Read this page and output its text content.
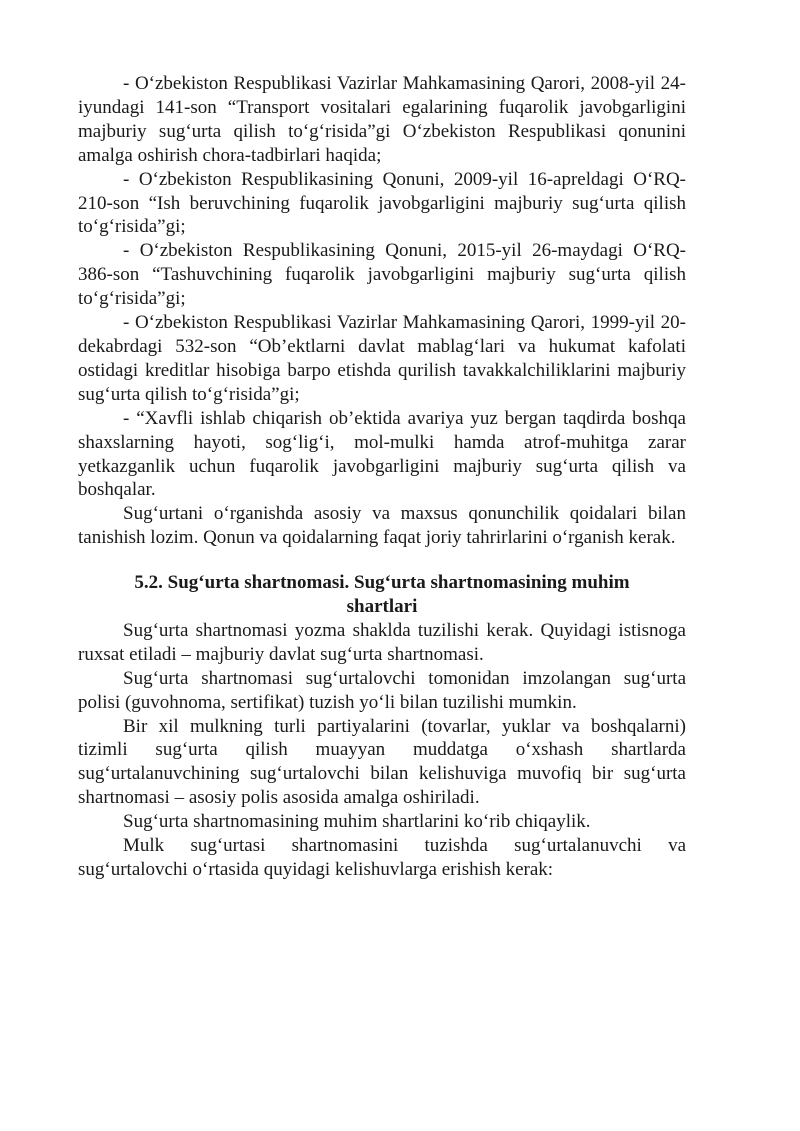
- O‘zbekiston Respublikasi Vazirlar Mahkamasining Qarori, 2008-yil 24-iyundagi 141-son “Transport vositalari egalarining fuqarolik javobgarligini majburiy sug‘urta qilish to‘g‘risida”gi O‘zbekiston Respublikasi qonunini amalga oshirish chora-tadbirlari haqida;

- O‘zbekiston Respublikasining Qonuni, 2009-yil 16-apreldagi O‘RQ-210-son “Ish beruvchining fuqarolik javobgarligini majburiy sug‘urta qilish to‘g‘risida”gi;

- O‘zbekiston Respublikasining Qonuni, 2015-yil 26-maydagi O‘RQ-386-son “Tashuvchining fuqarolik javobgarligini majburiy sug‘urta qilish to‘g‘risida”gi;

- O‘zbekiston Respublikasi Vazirlar Mahkamasining Qarori, 1999-yil 20-dekabrdagi 532-son “Ob’ektlarni davlat mablag‘lari va hukumat kafolati ostidagi kreditlar hisobiga barpo etishda qurilish tavakkalchiliklarini majburiy sug‘urta qilish to‘g‘risida”gi;

- “Xavfli ishlab chiqarish ob’ektida avariya yuz bergan taqdirda boshqa shaxslarning hayoti, sog‘lig‘i, mol-mulki hamda atrof-muhitga zarar yetkazganlik uchun fuqarolik javobgarligini majburiy sug‘urta qilish va boshqalar.

Sug‘urtani o‘rganishda asosiy va maxsus qonunchilik qoidalari bilan tanishish lozim. Qonun va qoidalarning faqat joriy tahrirlarini o‘rganish kerak.

5.2. Sug‘urta shartnomasi. Sug‘urta shartnomasining muhim shartlari

Sug‘urta shartnomasi yozma shaklda tuzilishi kerak. Quyidagi istisnoga ruxsat etiladi – majburiy davlat sug‘urta shartnomasi.

Sug‘urta shartnomasi sug‘urtalovchi tomonidan imzolangan sug‘urta polisi (guvohnoma, sertifikat) tuzish yo‘li bilan tuzilishi mumkin.

Bir xil mulkning turli partiyalarini (tovarlar, yuklar va boshqalarni) tizimli sug‘urta qilish muayyan muddatga o‘xshash shartlarda sug‘urtalanuvchining sug‘urtalovchi bilan kelishuviga muvofiq bir sug‘urta shartnomasi – asosiy polis asosida amalga oshiriladi.

Sug‘urta shartnomasining muhim shartlarini ko‘rib chiqaylik.

Mulk sug‘urtasi shartnomasini tuzishda sug‘urtalanuvchi va sug‘urtalovchi o‘rtasida quyidagi kelishuvlarga erishish kerak:
